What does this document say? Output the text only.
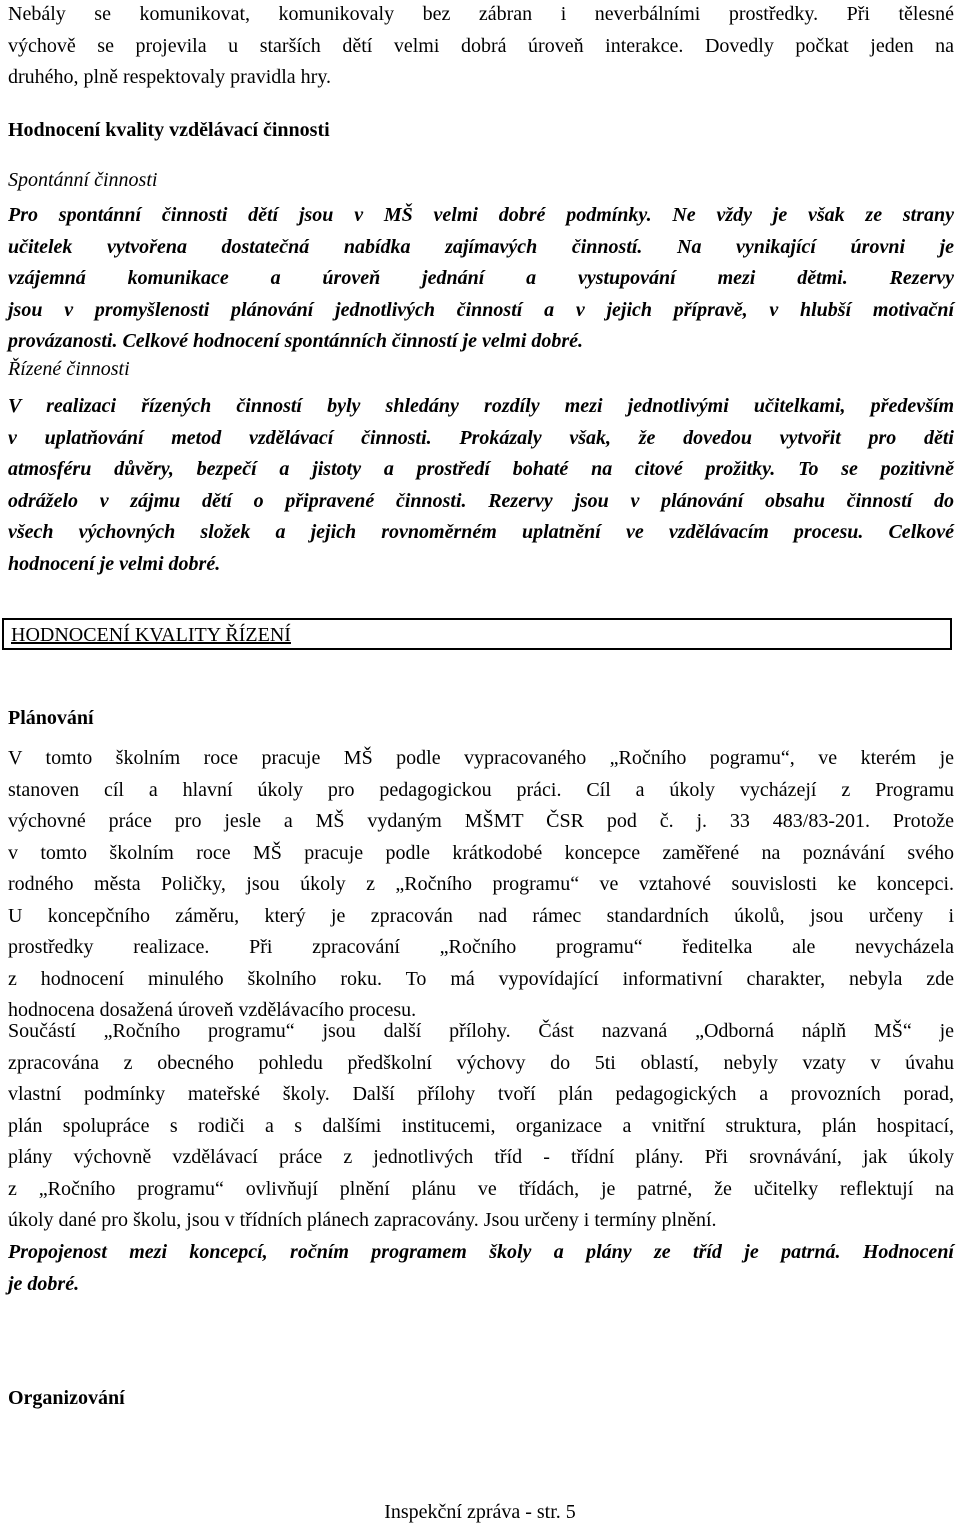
Nebály se komunikovat, komunikovaly bez zábran i neverbálními prostředky. Při tělesné
výchově se projevila u starších dětí velmi dobrá úroveň interakce. Dovedly počkat jeden na
druhého, plně respektovaly pravidla hry.
Hodnocení kvality vzdělávací činnosti
Spontánní činnosti
Pro spontánní činnosti dětí jsou v MŠ velmi dobré podmínky. Ne vždy je však ze strany
učitelek vytvořena dostatečná nabídka zajímavých činností. Na vynikající úrovni je
vzájemná komunikace a úroveň jednání a vystupování mezi dětmi. Rezervy
jsou v promyšlenosti plánování jednotlivých činností a v jejich přípravě, v hlubší motivační
provázanosti. Celkové hodnocení spontánních činností je velmi dobré.
Řízené činnosti
V realizaci řízených činností byly shledány rozdíly mezi jednotlivými učitelkami, především
v uplatňování metod vzdělávací činnosti. Prokázaly však, že dovedou vytvořit pro děti
atmosféru důvěry, bezpečí a jistoty a prostředí bohaté na citové prožitky. To se pozitivně
odráželo v zájmu dětí o připravené činnosti. Rezervy jsou v plánování obsahu činností do
všech výchovných složek a jejich rovnoměrném uplatnění ve vzdělávacím procesu. Celkové
hodnocení je velmi dobré.
HODNOCENÍ KVALITY ŘÍZENÍ
Plánování
V tomto školním roce pracuje MŠ podle vypracovaného „Ročního pogramu“, ve kterém je
stanoven cíl a hlavní úkoly pro pedagogickou práci. Cíl a úkoly vycházejí z Programu
výchovné práce pro jesle a MŠ vydaným MŠMT ČSR pod č. j. 33 483/83-201. Protože
v tomto školním roce MŠ pracuje podle krátkodobé koncepce zaměřené na poznávání svého
rodného města Poličky, jsou úkoly z „Ročního programu“ ve vztahové souvislosti ke koncepci.
U koncepčního záměru, který je zpracován nad rámec standardních úkolů, jsou určeny i
prostředky realizace. Při zpracování „Ročního programu“ ředitelka ale nevycházela
z hodnocení minulého školního roku. To má vypovídající informativní charakter, nebyla zde
hodnocena dosažená úroveň vzdělávacího procesu.
Součástí „Ročního programu“ jsou další přílohy. Část nazvaná „Odborná náplň MŠ“ je
zpracována z obecného pohledu předškolní výchovy do 5ti oblastí, nebyly vzaty v úvahu
vlastní podmínky mateřské školy. Další přílohy tvoří plán pedagogických a provozních porad,
plán spolupráce s rodiči a s dalšími institucemi, organizace a vnitřní struktura, plán hospitací,
plány výchovně vzdělávací práce z jednotlivých tříd - třídní plány. Při srovnávání, jak úkoly
z „Ročního programu“ ovlivňují plnění plánu ve třídách, je patrné, že učitelky reflektují na
úkoly dané pro školu, jsou v třídních plánech zapracovány. Jsou určeny i termíny plnění.
Propojenost mezi koncepcí, ročním programem školy a plány ze tříd je patrná. Hodnocení
je dobré.
Organizování
Inspekční zpráva - str. 5
